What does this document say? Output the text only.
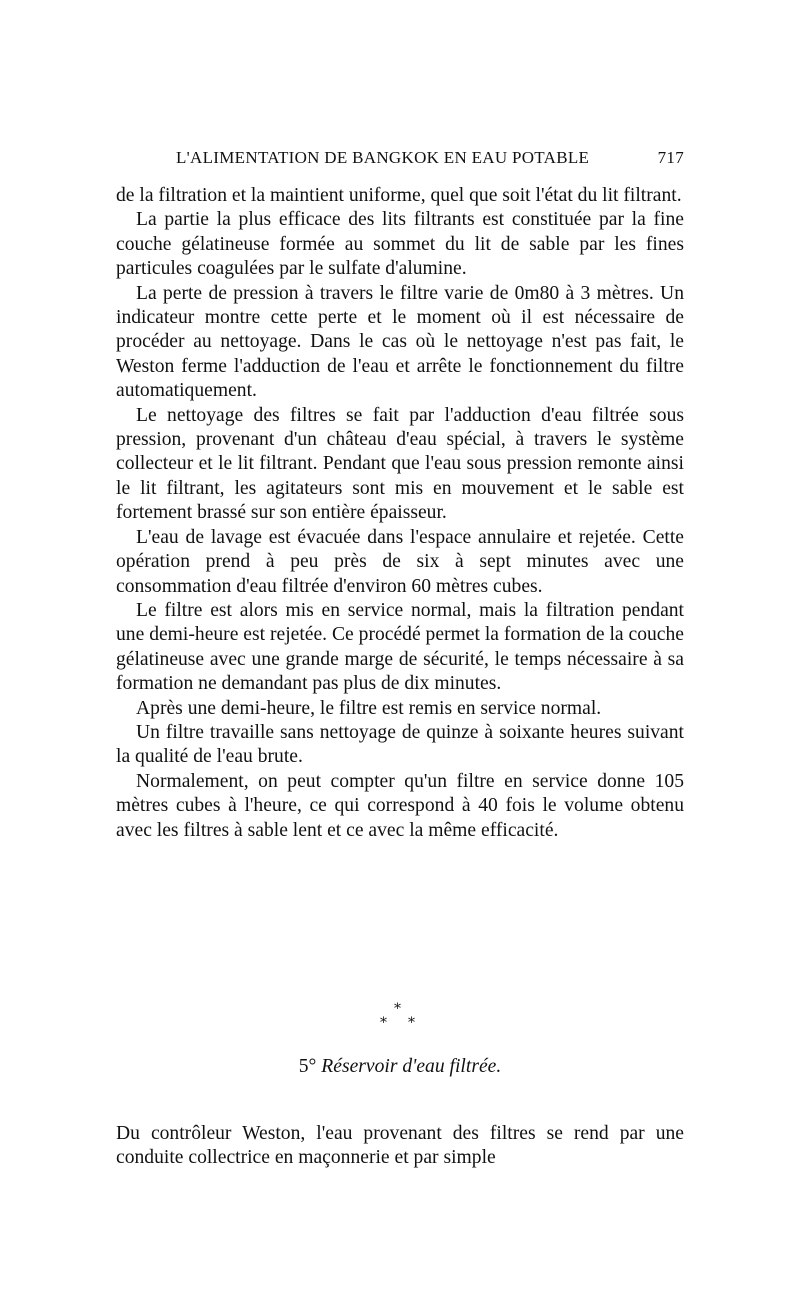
L'ALIMENTATION DE BANGKOK EN EAU POTABLE	717

de la filtration et la maintient uniforme, quel que soit l'état du lit filtrant.

La partie la plus efficace des lits filtrants est constituée par la fine couche gélatineuse formée au sommet du lit de sable par les fines particules coagulées par le sulfate d'alumine.

La perte de pression à travers le filtre varie de 0m80 à 3 mètres. Un indicateur montre cette perte et le moment où il est nécessaire de procéder au nettoyage. Dans le cas où le nettoyage n'est pas fait, le Weston ferme l'adduction de l'eau et arrête le fonctionnement du filtre automatiquement.

Le nettoyage des filtres se fait par l'adduction d'eau filtrée sous pression, provenant d'un château d'eau spécial, à travers le système collecteur et le lit filtrant. Pendant que l'eau sous pression remonte ainsi le lit filtrant, les agitateurs sont mis en mouvement et le sable est fortement brassé sur son entière épaisseur.

L'eau de lavage est évacuée dans l'espace annulaire et rejetée. Cette opération prend à peu près de six à sept minutes avec une consommation d'eau filtrée d'environ 60 mètres cubes.

Le filtre est alors mis en service normal, mais la filtration pendant une demi-heure est rejetée. Ce procédé permet la formation de la couche gélatineuse avec une grande marge de sécurité, le temps nécessaire à sa formation ne demandant pas plus de dix minutes.

Après une demi-heure, le filtre est remis en service normal.

Un filtre travaille sans nettoyage de quinze à soixante heures suivant la qualité de l'eau brute.

Normalement, on peut compter qu'un filtre en service donne 105 mètres cubes à l'heure, ce qui correspond à 40 fois le volume obtenu avec les filtres à sable lent et ce avec la même efficacité.

*
* *
5° Réservoir d'eau filtrée.

Du contrôleur Weston, l'eau provenant des filtres se rend par une conduite collectrice en maçonnerie et par simple
